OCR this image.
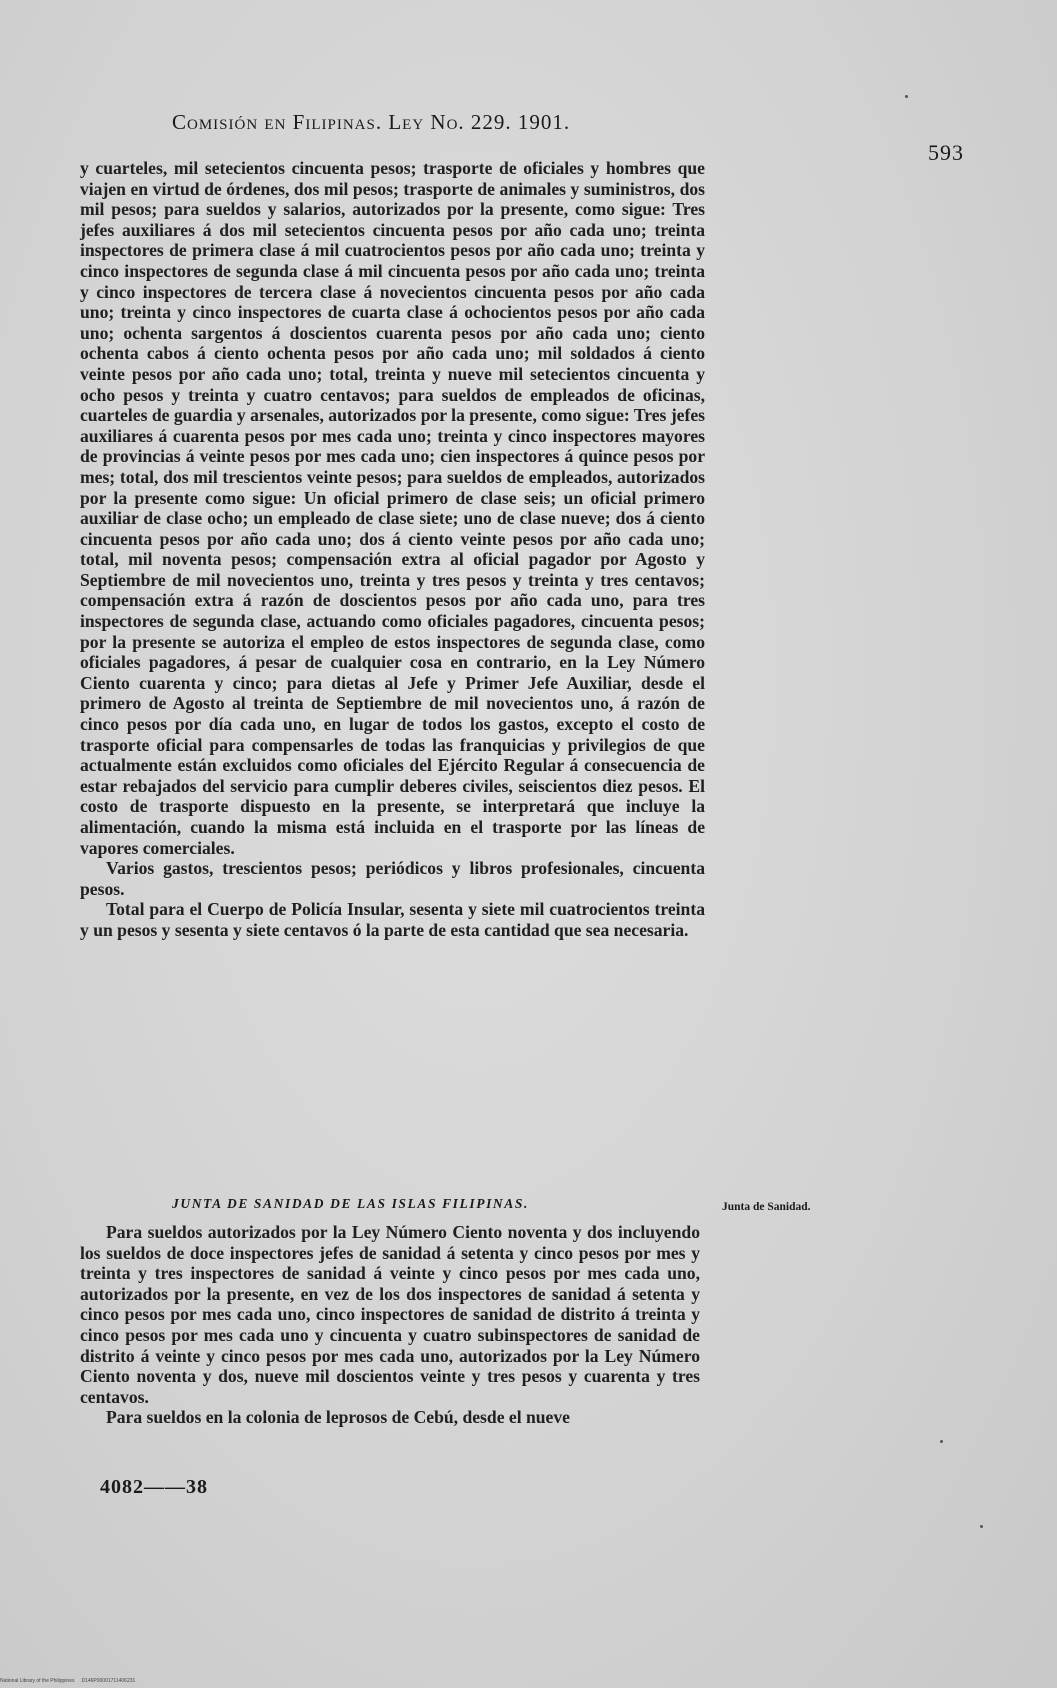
Comisión en Filipinas. Ley No. 229. 1901.
593

y cuarteles, mil setecientos cincuenta pesos; trasporte de oficiales y hombres que viajen en virtud de órdenes, dos mil pesos; trasporte de animales y suministros, dos mil pesos; para sueldos y salarios, autorizados por la presente, como sigue: Tres jefes auxiliares á dos mil setecientos cincuenta pesos por año cada uno; treinta inspectores de primera clase á mil cuatrocientos pesos por año cada uno; treinta y cinco inspectores de segunda clase á mil cincuenta pesos por año cada uno; treinta y cinco inspectores de tercera clase á novecientos cincuenta pesos por año cada uno; treinta y cinco inspectores de cuarta clase á ochocientos pesos por año cada uno; ochenta sargentos á doscientos cuarenta pesos por año cada uno; ciento ochenta cabos á ciento ochenta pesos por año cada uno; mil soldados á ciento veinte pesos por año cada uno; total, treinta y nueve mil setecientos cincuenta y ocho pesos y treinta y cuatro centavos; para sueldos de empleados de oficinas, cuarteles de guardia y arsenales, autorizados por la presente, como sigue: Tres jefes auxiliares á cuarenta pesos por mes cada uno; treinta y cinco inspectores mayores de provincias á veinte pesos por mes cada uno; cien inspectores á quince pesos por mes; total, dos mil trescientos veinte pesos; para sueldos de empleados, autorizados por la presente como sigue: Un oficial primero de clase seis; un oficial primero auxiliar de clase ocho; un empleado de clase siete; uno de clase nueve; dos á ciento cincuenta pesos por año cada uno; dos á ciento veinte pesos por año cada uno; total, mil noventa pesos; compensación extra al oficial pagador por Agosto y Septiembre de mil novecientos uno, treinta y tres pesos y treinta y tres centavos; compensación extra á razón de doscientos pesos por año cada uno, para tres inspectores de segunda clase, actuando como oficiales pagadores, cincuenta pesos; por la presente se autoriza el empleo de estos inspectores de segunda clase, como oficiales pagadores, á pesar de cualquier cosa en contrario, en la Ley Número Ciento cuarenta y cinco; para dietas al Jefe y Primer Jefe Auxiliar, desde el primero de Agosto al treinta de Septiembre de mil novecientos uno, á razón de cinco pesos por día cada uno, en lugar de todos los gastos, excepto el costo de trasporte oficial para compensarles de todas las franquicias y privilegios de que actualmente están excluidos como oficiales del Ejército Regular á consecuencia de estar rebajados del servicio para cumplir deberes civiles, seiscientos diez pesos. El costo de trasporte dispuesto en la presente, se interpretará que incluye la alimentación, cuando la misma está incluida en el trasporte por las líneas de vapores comerciales.

Varios gastos, trescientos pesos; periódicos y libros profesionales, cincuenta pesos.

Total para el Cuerpo de Policía Insular, sesenta y siete mil cuatrocientos treinta y un pesos y sesenta y siete centavos ó la parte de esta cantidad que sea necesaria.

JUNTA DE SANIDAD DE LAS ISLAS FILIPINAS.	Junta de Sanidad.

Para sueldos autorizados por la Ley Número Ciento noventa y dos incluyendo los sueldos de doce inspectores jefes de sanidad á setenta y cinco pesos por mes y treinta y tres inspectores de sanidad á veinte y cinco pesos por mes cada uno, autorizados por la presente, en vez de los dos inspectores de sanidad á setenta y cinco pesos por mes cada uno, cinco inspectores de sanidad de distrito á treinta y cinco pesos por mes cada uno y cincuenta y cuatro subinspectores de sanidad de distrito á veinte y cinco pesos por mes cada uno, autorizados por la Ley Número Ciento noventa y dos, nueve mil doscientos veinte y tres pesos y cuarenta y tres centavos.

Para sueldos en la colonia de leprosos de Cebú, desde el nueve

4082——38
National Library of the Philippines D146P00001711406231
